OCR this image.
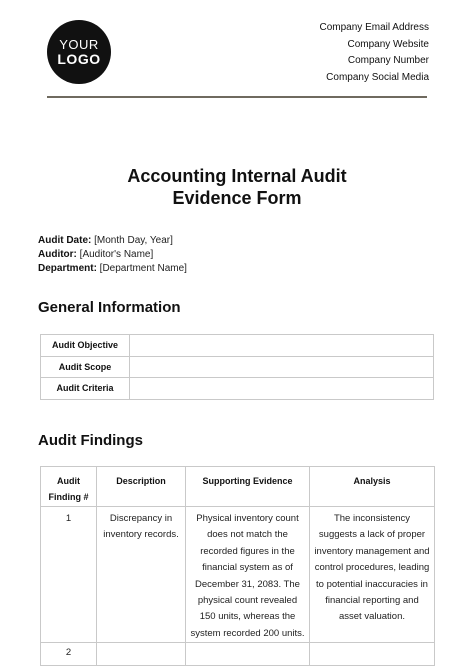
YOUR
LOGO
Company Email Address
Company Website
Company Number
Company Social Media
Accounting Internal Audit
Evidence Form
Audit Date: [Month Day, Year]
Auditor: [Auditor's Name]
Department: [Department Name]
General Information
Audit Objective	
Audit Scope	
Audit Criteria	
Audit Findings
Audit Finding #	Description	Supporting Evidence	Analysis
1	Discrepancy in inventory records.	Physical inventory count does not match the recorded figures in the financial system as of December 31, 2083. The physical count revealed 150 units, whereas the system recorded 200 units.	The inconsistency suggests a lack of proper inventory management and control procedures, leading to potential inaccuracies in financial reporting and asset valuation.
2			
